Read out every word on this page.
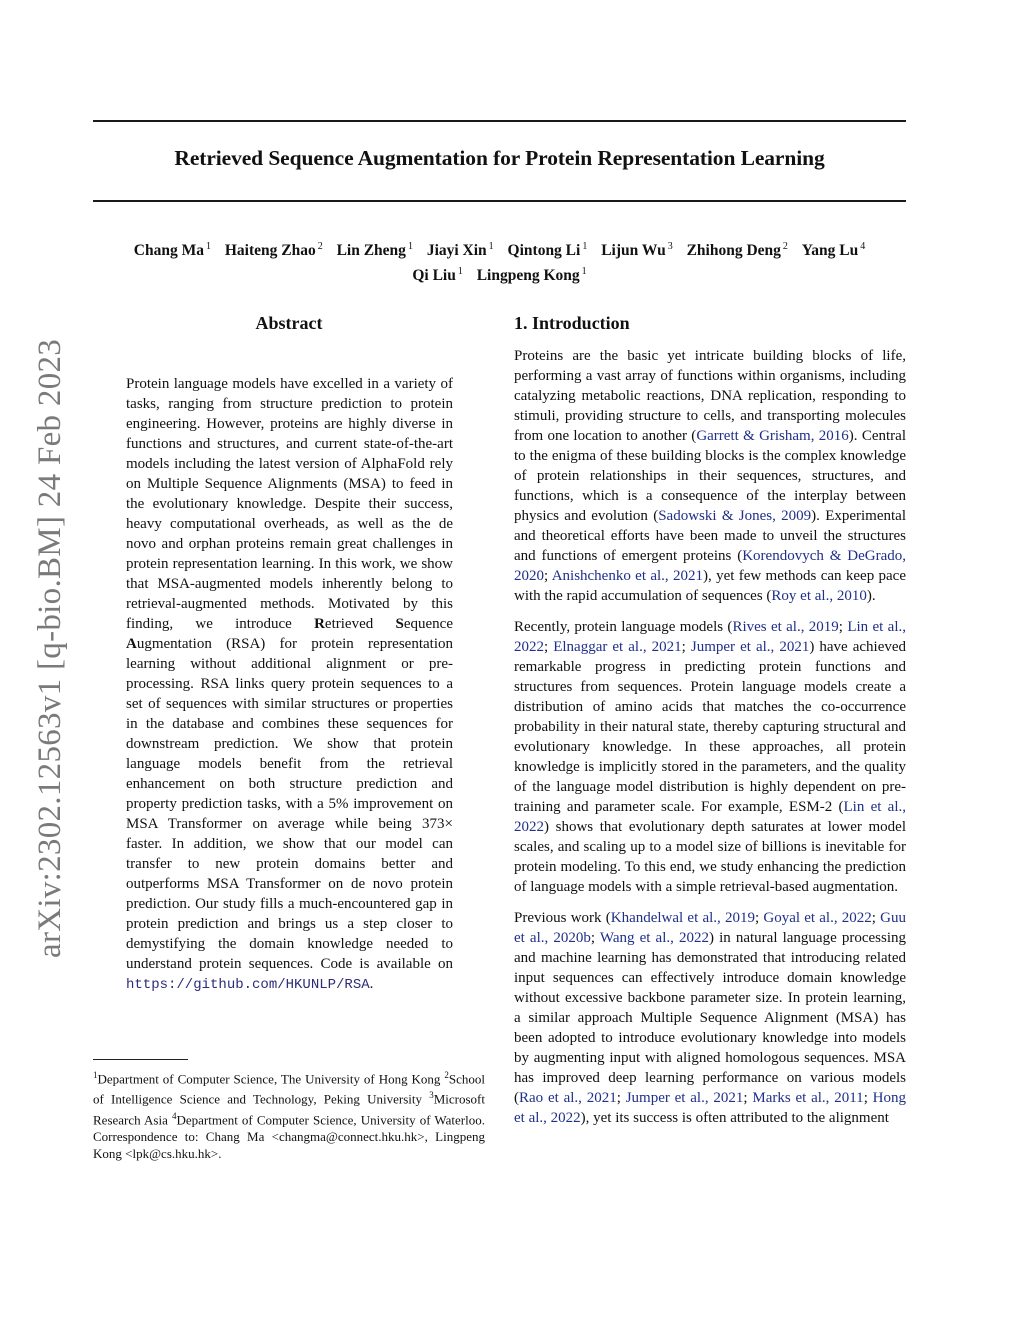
Retrieved Sequence Augmentation for Protein Representation Learning
Chang Ma $^1$ Haiteng Zhao $^2$ Lin Zheng $^1$ Jiayi Xin $^1$ Qintong Li $^1$ Lijun Wu $^3$ Zhihong Deng $^2$ Yang Lu $^4$
Qi Liu $^1$ Lingpeng Kong $^1$
arXiv:2302.12563v1 [q-bio.BM] 24 Feb 2023
Abstract
Protein language models have excelled in a variety of tasks, ranging from structure prediction to protein engineering. However, proteins are highly diverse in functions and structures, and current state-of-the-art models including the latest version of AlphaFold rely on Multiple Sequence Alignments (MSA) to feed in the evolutionary knowledge. Despite their success, heavy computational overheads, as well as the de novo and orphan proteins remain great challenges in protein representation learning. In this work, we show that MSA-augmented models inherently belong to retrieval-augmented methods. Motivated by this finding, we introduce Retrieved Sequence Augmentation (RSA) for protein representation learning without additional alignment or pre-processing. RSA links query protein sequences to a set of sequences with similar structures or properties in the database and combines these sequences for downstream prediction. We show that protein language models benefit from the retrieval enhancement on both structure prediction and property prediction tasks, with a 5% improvement on MSA Transformer on average while being 373× faster. In addition, we show that our model can transfer to new protein domains better and outperforms MSA Transformer on de novo protein prediction. Our study fills a much-encountered gap in protein prediction and brings us a step closer to demystifying the domain knowledge needed to understand protein sequences. Code is available on https://github.com/HKUNLP/RSA.
$^1$Department of Computer Science, The University of Hong Kong $^2$School of Intelligence Science and Technology, Peking University $^3$Microsoft Research Asia $^4$Department of Computer Science, University of Waterloo. Correspondence to: Chang Ma <changma@connect.hku.hk>, Lingpeng Kong <lpk@cs.hku.hk>.
1. Introduction

Proteins are the basic yet intricate building blocks of life, performing a vast array of functions within organisms, including catalyzing metabolic reactions, DNA replication, responding to stimuli, providing structure to cells, and transporting molecules from one location to another (Garrett & Grisham, 2016). Central to the enigma of these building blocks is the complex knowledge of protein relationships in their sequences, structures, and functions, which is a consequence of the interplay between physics and evolution (Sadowski & Jones, 2009). Experimental and theoretical efforts have been made to unveil the structures and functions of emergent proteins (Korendovych & DeGrado, 2020; Anishchenko et al., 2021), yet few methods can keep pace with the rapid accumulation of sequences (Roy et al., 2010).

Recently, protein language models (Rives et al., 2019; Lin et al., 2022; Elnaggar et al., 2021; Jumper et al., 2021) have achieved remarkable progress in predicting protein functions and structures from sequences. Protein language models create a distribution of amino acids that matches the co-occurrence probability in their natural state, thereby capturing structural and evolutionary knowledge. In these approaches, all protein knowledge is implicitly stored in the parameters, and the quality of the language model distribution is highly dependent on pre-training and parameter scale. For example, ESM-2 (Lin et al., 2022) shows that evolutionary depth saturates at lower model scales, and scaling up to a model size of billions is inevitable for protein modeling. To this end, we study enhancing the prediction of language models with a simple retrieval-based augmentation.

Previous work (Khandelwal et al., 2019; Goyal et al., 2022; Guu et al., 2020b; Wang et al., 2022) in natural language processing and machine learning has demonstrated that introducing related input sequences can effectively introduce domain knowledge without excessive backbone parameter size. In protein learning, a similar approach Multiple Sequence Alignment (MSA) has been adopted to introduce evolutionary knowledge into models by augmenting input with aligned homologous sequences. MSA has improved deep learning performance on various models (Rao et al., 2021; Jumper et al., 2021; Marks et al., 2011; Hong et al., 2022), yet its success is often attributed to the alignment
